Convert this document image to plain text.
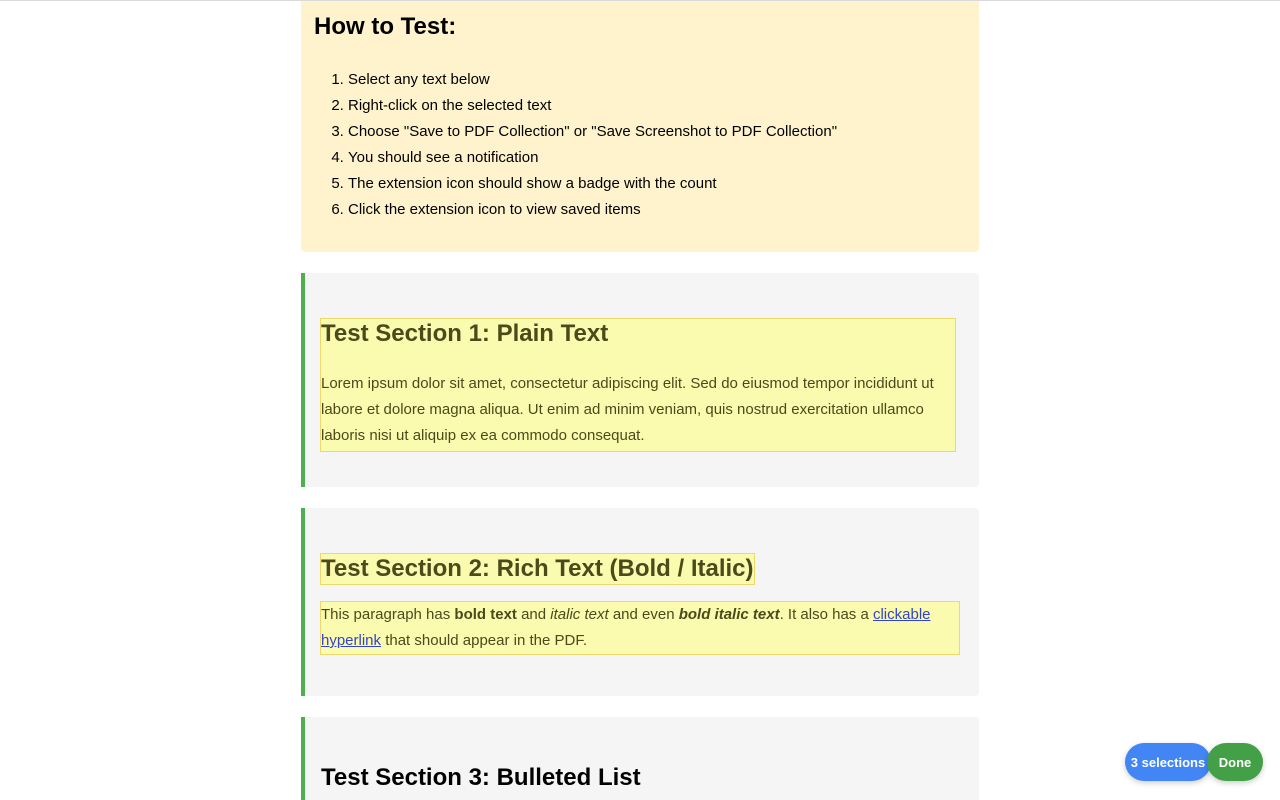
How to Test:
1. Select any text below
2. Right-click on the selected text
3. Choose "Save to PDF Collection" or "Save Screenshot to PDF Collection"
4. You should see a notification
5. The extension icon should show a badge with the count
6. Click the extension icon to view saved items
Test Section 1: Plain Text

Lorem ipsum dolor sit amet, consectetur adipiscing elit. Sed do eiusmod tempor incididunt ut labore et dolore magna aliqua. Ut enim ad minim veniam, quis nostrud exercitation ullamco laboris nisi ut aliquip ex ea commodo consequat.

Test Section 2: Rich Text (Bold / Italic)

This paragraph has bold text and italic text and even bold italic text. It also has a clickable hyperlink that should appear in the PDF.

Test Section 3: Bulleted List
3 selections	Done
